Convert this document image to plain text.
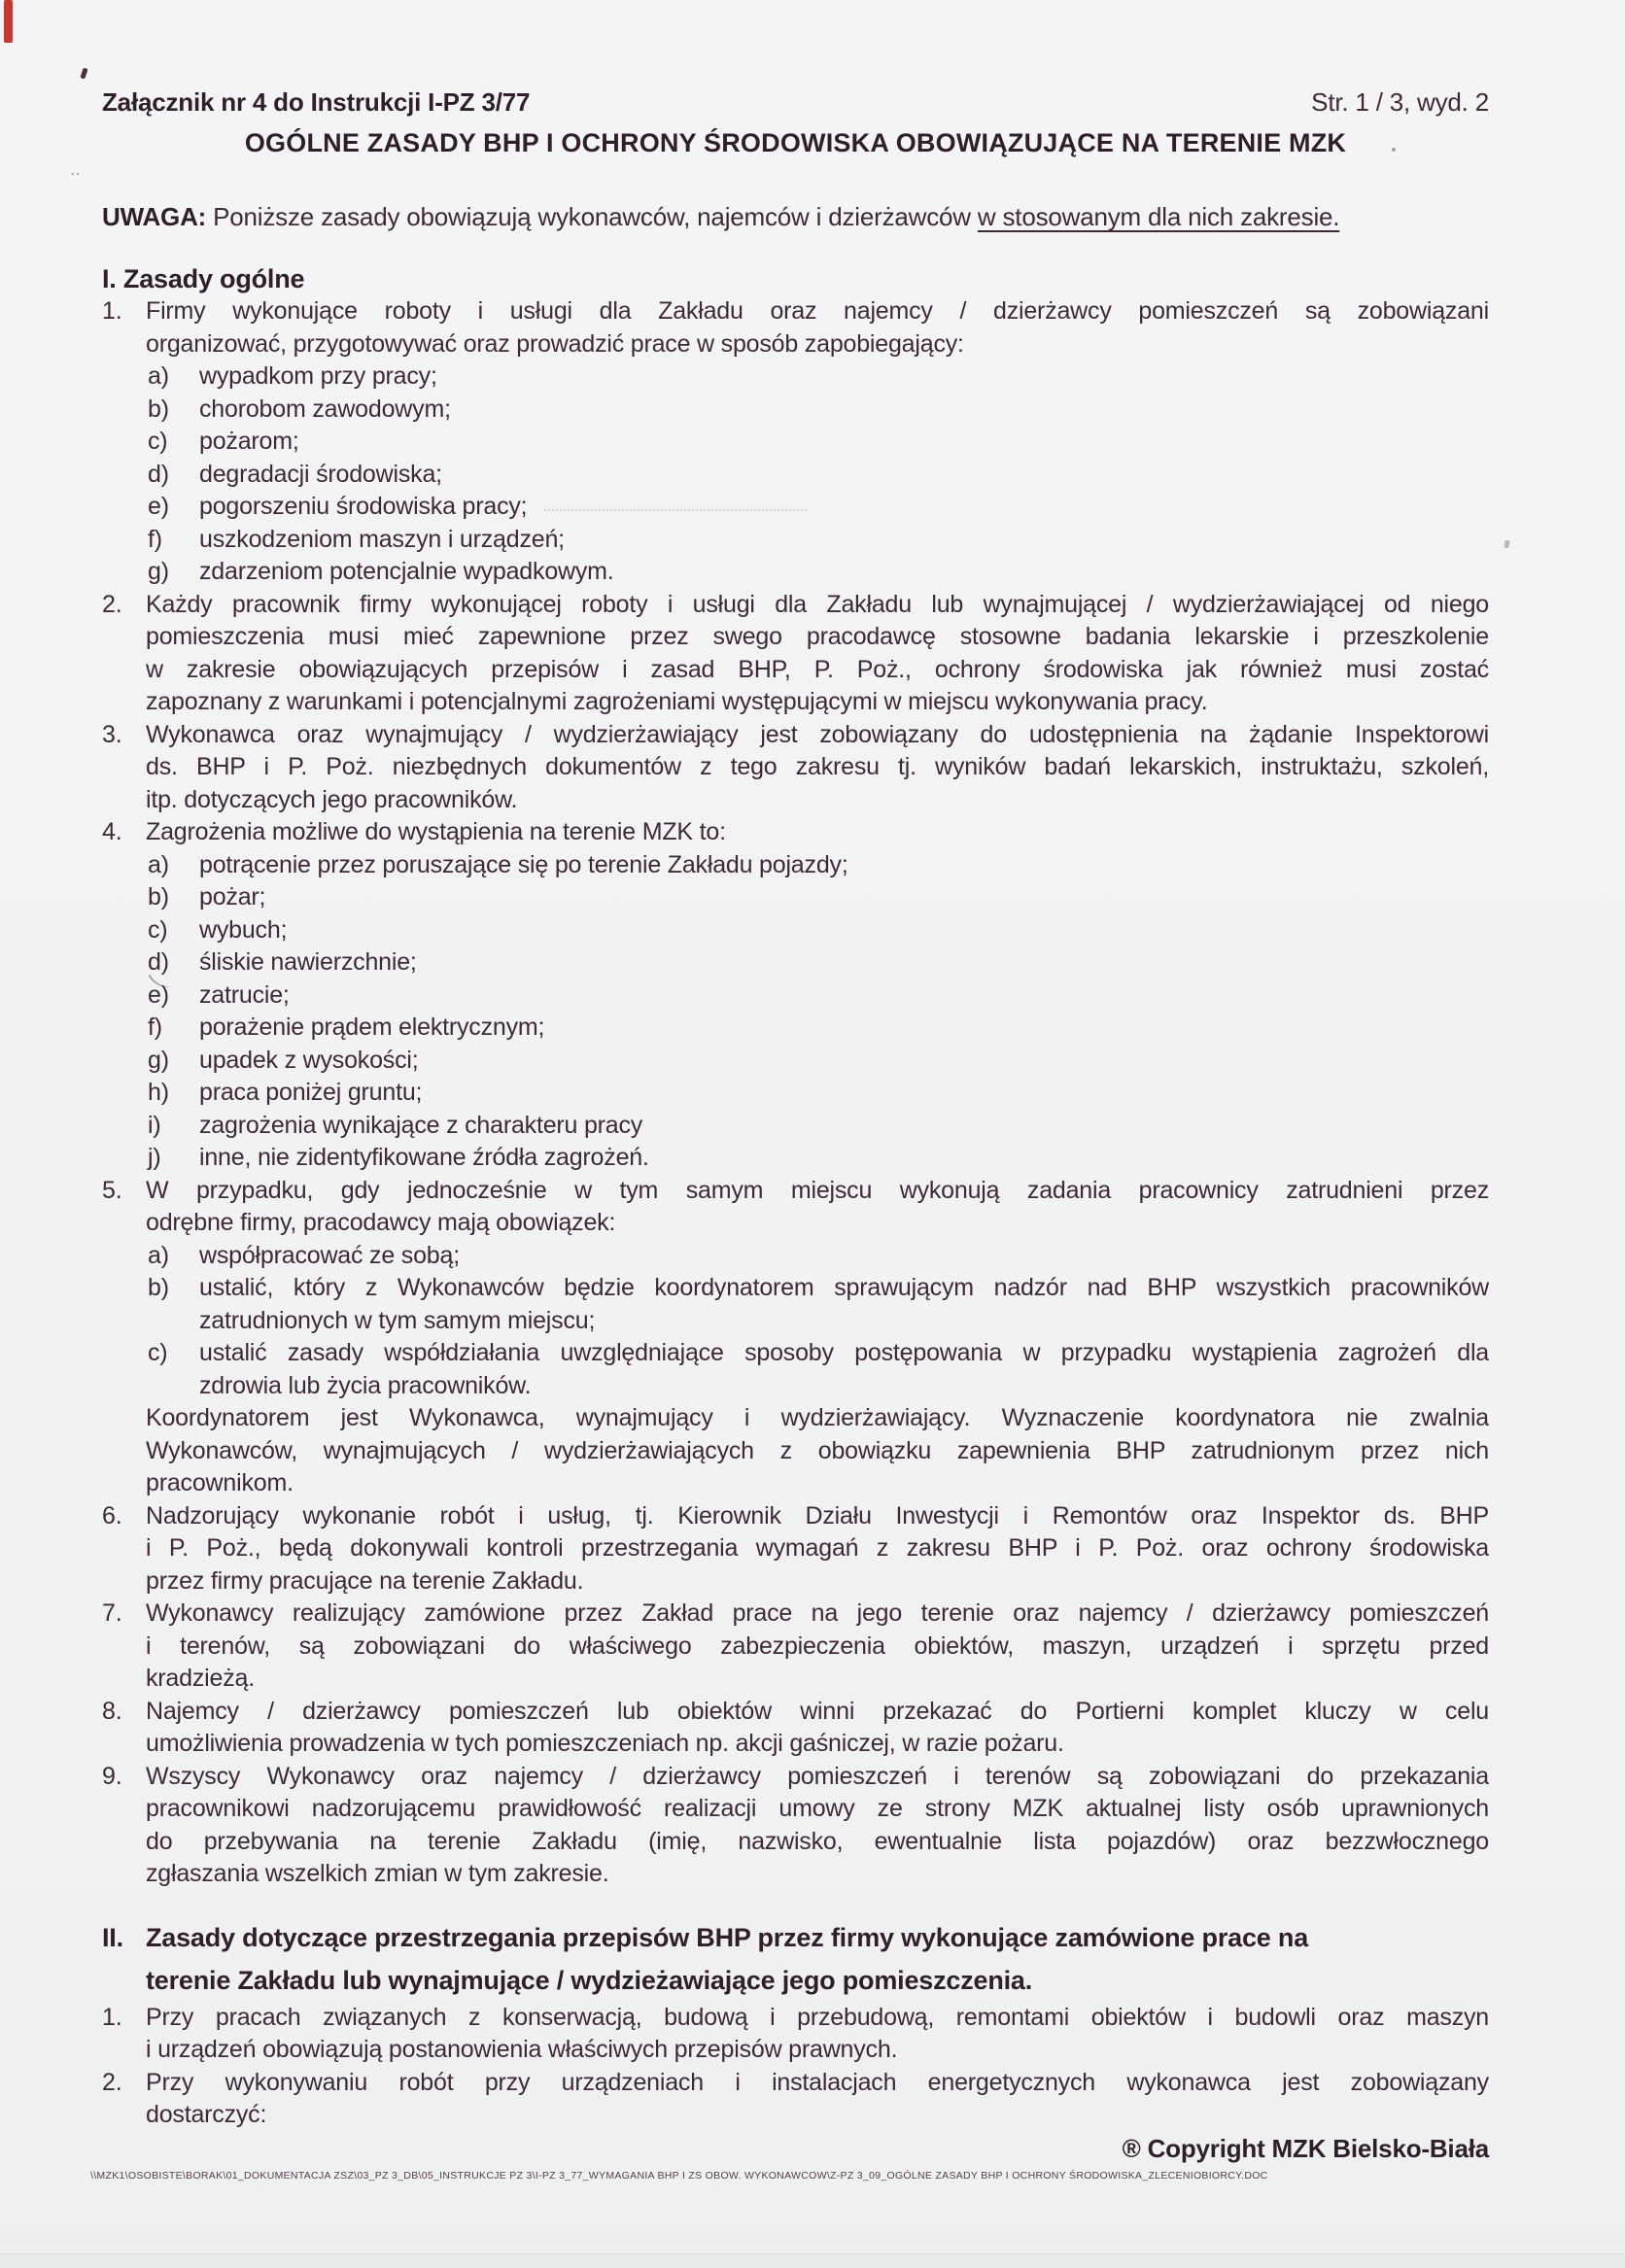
Załącznik nr 4 do Instrukcji I-PZ 3/77	Str. 1 / 3, wyd. 2
OGÓLNE ZASADY BHP I OCHRONY ŚRODOWISKA OBOWIĄZUJĄCE NA TERENIE MZK
UWAGA: Poniższe zasady obowiązują wykonawców, najemców i dzierżawców w stosowanym dla nich zakresie.
I. Zasady ogólne
1. Firmy wykonujące roboty i usługi dla Zakładu oraz najemcy / dzierżawcy pomieszczeń są zobowiązani
organizować, przygotowywać oraz prowadzić prace w sposób zapobiegający:
a)	wypadkom przy pracy;
b)	chorobom zawodowym;
c)	pożarom;
d)	degradacji środowiska;
e)	pogorszeniu środowiska pracy;
f)	uszkodzeniom maszyn i urządzeń;
g)	zdarzeniom potencjalnie wypadkowym.
2. Każdy pracownik firmy wykonującej roboty i usługi dla Zakładu lub wynajmującej / wydzierżawiającej od niego
pomieszczenia musi mieć zapewnione przez swego pracodawcę stosowne badania lekarskie i przeszkolenie
w zakresie obowiązujących przepisów i zasad BHP, P. Poż., ochrony środowiska jak również musi zostać
zapoznany z warunkami i potencjalnymi zagrożeniami występującymi w miejscu wykonywania pracy.
3. Wykonawca oraz wynajmujący / wydzierżawiający jest zobowiązany do udostępnienia na żądanie Inspektorowi
ds. BHP i P. Poż. niezbędnych dokumentów z tego zakresu tj. wyników badań lekarskich, instruktażu, szkoleń,
itp. dotyczących jego pracowników.
4. Zagrożenia możliwe do wystąpienia na terenie MZK to:
a)	potrącenie przez poruszające się po terenie Zakładu pojazdy;
b)	pożar;
c)	wybuch;
d)	śliskie nawierzchnie;
e)	zatrucie;
f)	porażenie prądem elektrycznym;
g)	upadek z wysokości;
h)	praca poniżej gruntu;
i)	zagrożenia wynikające z charakteru pracy
j)	inne, nie zidentyfikowane źródła zagrożeń.
5. W przypadku, gdy jednocześnie w tym samym miejscu wykonują zadania pracownicy zatrudnieni przez
odrębne firmy, pracodawcy mają obowiązek:
a)	współpracować ze sobą;
b)	ustalić, który z Wykonawców będzie koordynatorem sprawującym nadzór nad BHP wszystkich pracowników
zatrudnionych w tym samym miejscu;
c)	ustalić zasady współdziałania uwzględniające sposoby postępowania w przypadku wystąpienia zagrożeń dla
zdrowia lub życia pracowników.
Koordynatorem jest Wykonawca, wynajmujący i wydzierżawiający. Wyznaczenie koordynatora nie zwalnia
Wykonawców, wynajmujących / wydzierżawiających z obowiązku zapewnienia BHP zatrudnionym przez nich
pracownikom.
6. Nadzorujący wykonanie robót i usług, tj. Kierownik Działu Inwestycji i Remontów oraz Inspektor ds. BHP
i P. Poż., będą dokonywali kontroli przestrzegania wymagań z zakresu BHP i P. Poż. oraz ochrony środowiska
przez firmy pracujące na terenie Zakładu.
7. Wykonawcy realizujący zamówione przez Zakład prace na jego terenie oraz najemcy / dzierżawcy pomieszczeń
i terenów, są zobowiązani do właściwego zabezpieczenia obiektów, maszyn, urządzeń i sprzętu przed
kradzieżą.
8. Najemcy / dzierżawcy pomieszczeń lub obiektów winni przekazać do Portierni komplet kluczy w celu
umożliwienia prowadzenia w tych pomieszczeniach np. akcji gaśniczej, w razie pożaru.
9. Wszyscy Wykonawcy oraz najemcy / dzierżawcy pomieszczeń i terenów są zobowiązani do przekazania
pracownikowi nadzorującemu prawidłowość realizacji umowy ze strony MZK aktualnej listy osób uprawnionych
do przebywania na terenie Zakładu (imię, nazwisko, ewentualnie lista pojazdów) oraz bezzwłocznego
zgłaszania wszelkich zmian w tym zakresie.
II. Zasady dotyczące przestrzegania przepisów BHP przez firmy wykonujące zamówione prace na
terenie Zakładu lub wynajmujące / wydzieżawiające jego pomieszczenia.
1. Przy pracach związanych z konserwacją, budową i przebudową, remontami obiektów i budowli oraz maszyn
i urządzeń obowiązują postanowienia właściwych przepisów prawnych.
2. Przy wykonywaniu robót przy urządzeniach i instalacjach energetycznych wykonawca jest zobowiązany
dostarczyć:
® Copyright MZK Bielsko-Biała
\\MZK1\OSOBISTE\BORAK\01_DOKUMENTACJA ZSZ\03_PZ 3_DB\05_INSTRUKCJE PZ 3\I-PZ 3_77_WYMAGANIA BHP I ZS OBOW. WYKONAWCOW\Z-PZ 3_09_OGÓLNE ZASADY BHP I OCHRONY ŚRODOWISKA_ZLECENIOBIORCY.DOC
